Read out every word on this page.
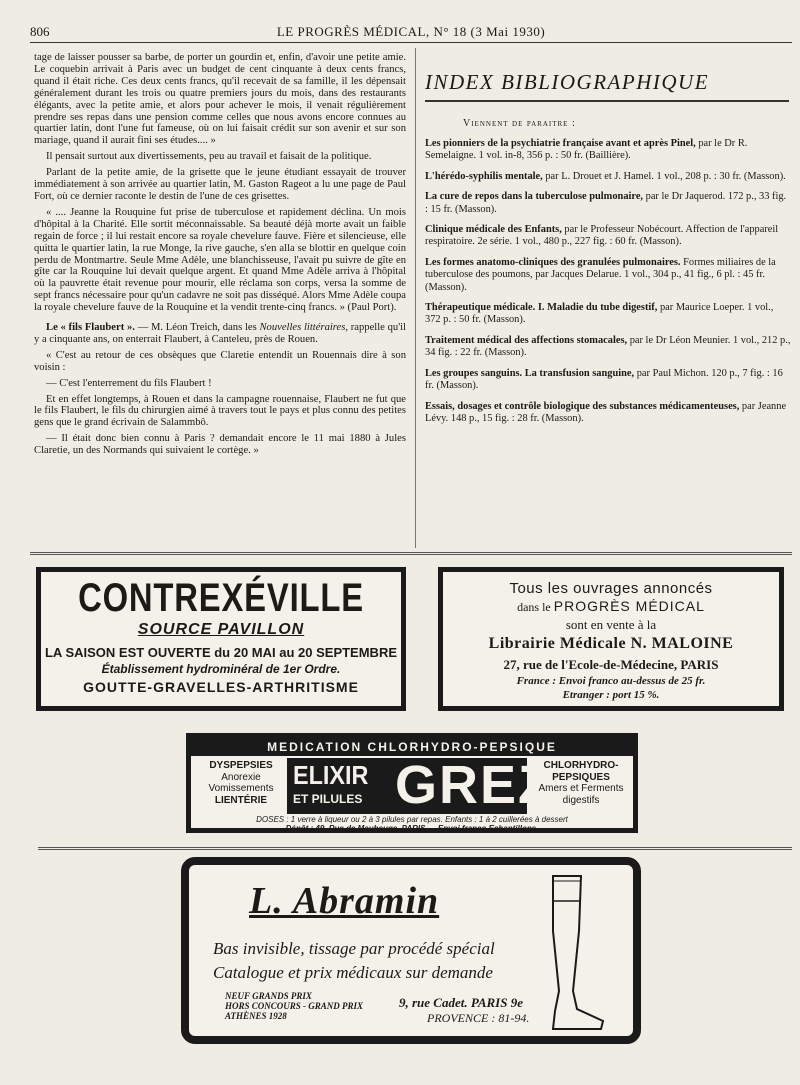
806	LE PROGRÈS MÉDICAL, N° 18 (3 Mai 1930)

tage de laisser pousser sa barbe, de porter un gourdin et, enfin, d'avoir une petite amie. Le coquebin arrivait à Paris avec un budget de cent cinquante à deux cents francs, quand il était riche. Ces deux cents francs, qu'il recevait de sa famille, il les dépensait généralement durant les trois ou quatre premiers jours du mois, dans des restaurants élégants, avec la petite amie, et alors pour achever le mois, il venait régulièrement prendre ses repas dans une pension comme celles que nous avons encore connues au quartier latin, dont l'une fut fameuse, où on lui faisait crédit sur son avenir et sur son mariage, quand il aurait fini ses études.... »

Il pensait surtout aux divertissements, peu au travail et faisait de la politique.

Parlant de la petite amie, de la grisette que le jeune étudiant essayait de trouver immédiatement à son arrivée au quartier latin, M. Gaston Rageot a lu une page de Paul Fort, où ce dernier raconte le destin de l'une de ces grisettes.

« .... Jeanne la Rouquine fut prise de tuberculose et rapidement déclina. Un mois d'hôpital à la Charité. Elle sortit méconnaissable. Sa beauté déjà morte avait un faible regain de force ; il lui restait encore sa royale chevelure fauve. Fière et silencieuse, elle quitta le quartier latin, la rue Monge, la rive gauche, s'en alla se blottir en quelque coin perdu de Montmartre. Seule Mme Adèle, une blanchisseuse, l'avait pu suivre de gîte en gîte car la Rouquine lui devait quelque argent. Et quand Mme Adèle arriva à l'hôpital où la pauvrette était revenue pour mourir, elle réclama son corps, versa la somme de sept francs nécessaire pour qu'un cadavre ne soit pas disséqué. Alors Mme Adèle coupa la royale chevelure fauve de la Rouquine et la vendit trente-cinq francs. » (Paul Port).

Le « fils Flaubert ». — M. Léon Treich, dans les Nouvelles littéraires, rappelle qu'il y a cinquante ans, on enterrait Flaubert, à Canteleu, près de Rouen.

« C'est au retour de ces obsèques que Claretie entendit un Rouennais dire à son voisin :

— C'est l'enterrement du fils Flaubert !

Et en effet longtemps, à Rouen et dans la campagne rouennaise, Flaubert ne fut que le fils Flaubert, le fils du chirurgien aimé à travers tout le pays et plus connu des petites gens que le grand écrivain de Salammbô.

— Il était donc bien connu à Paris ? demandait encore le 11 mai 1880 à Jules Claretie, un des Normands qui suivaient le cortège. »

INDEX BIBLIOGRAPHIQUE
Viennent de paraitre :
Les pionniers de la psychiatrie française avant et après Pinel, par le Dr R. Semelaigne. 1 vol. in-8, 356 p. : 50 fr. (Baillière).
L'hérédo-syphilis mentale, par L. Drouet et J. Hamel. 1 vol., 208 p. : 30 fr. (Masson).
La cure de repos dans la tuberculose pulmonaire, par le Dr Jaquerod. 172 p., 33 fig. : 15 fr. (Masson).
Clinique médicale des Enfants, par le Professeur Nobécourt. Affection de l'appareil respiratoire. 2e série. 1 vol., 480 p., 227 fig. : 60 fr. (Masson).
Les formes anatomo-cliniques des granulées pulmonaires. Formes miliaires de la tuberculose des poumons, par Jacques Delarue. 1 vol., 304 p., 41 fig., 6 pl. : 45 fr. (Masson).
Thérapeutique médicale. I. Maladie du tube digestif, par Maurice Loeper. 1 vol., 372 p. : 50 fr. (Masson).
Traitement médical des affections stomacales, par le Dr Léon Meunier. 1 vol., 212 p., 34 fig. : 22 fr. (Masson).
Les groupes sanguins. La transfusion sanguine, par Paul Michon. 120 p., 7 fig. : 16 fr. (Masson).
Essais, dosages et contrôle biologique des substances médicamenteuses, par Jeanne Lévy. 148 p., 15 fig. : 28 fr. (Masson).
CONTREXÉVILLE
SOURCE PAVILLON
LA SAISON EST OUVERTE du 20 MAI au 20 SEPTEMBRE
Établissement hydrominéral de 1er Ordre.
GOUTTE-GRAVELLES-ARTHRITISME
Tous les ouvrages annoncés
dans le PROGRÈS MÉDICAL
sont en vente à la
Librairie Médicale N. MALOINE
27, rue de l'Ecole-de-Médecine, PARIS
France : Envoi franco au-dessus de 25 fr.
Etranger : port 15 %.
MEDICATION CHLORHYDRO-PEPSIQUE
DYSPEPSIES
Anorexie
Vomissements
LIENTÉRIE
ELIXIR
ET PILULES GREZ
CHLORHYDRO-
PEPSIQUES
Amers et Ferments
digestifs
DOSES : 1 verre à liqueur ou 2 à 3 pilules par repas. Enfants : 1 à 2 cuillerées à dessert
Dépôt : 49, Rue de Maubeuge, PARIS — Envoi franco Echantillons.
L. Abramin
Bas invisible, tissage par procédé spécial
Catalogue et prix médicaux sur demande
NEUF GRANDS PRIX
HORS CONCOURS - GRAND PRIX
ATHÈNES 1928
9, rue Cadet. PARIS 9e
PROVENCE : 81-94.
